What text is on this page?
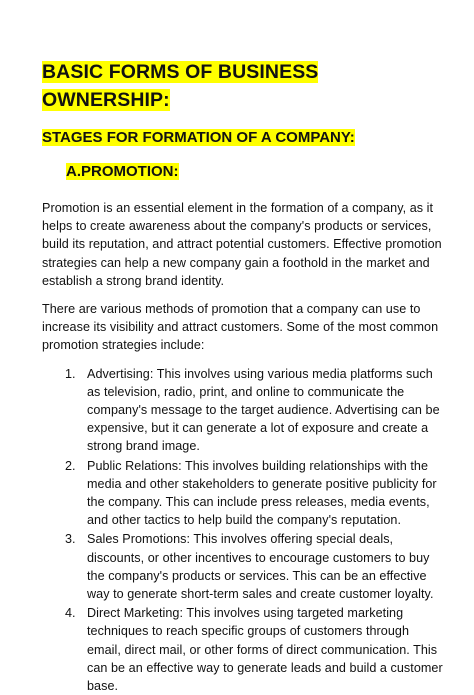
BASIC FORMS OF BUSINESS OWNERSHIP:
STAGES FOR FORMATION OF A COMPANY:
A.PROMOTION:

Promotion is an essential element in the formation of a company, as it helps to create awareness about the company's products or services, build its reputation, and attract potential customers. Effective promotion strategies can help a new company gain a foothold in the market and establish a strong brand identity.

There are various methods of promotion that a company can use to increase its visibility and attract customers. Some of the most common promotion strategies include:

1. Advertising: This involves using various media platforms such as television, radio, print, and online to communicate the company's message to the target audience. Advertising can be expensive, but it can generate a lot of exposure and create a strong brand image.
2. Public Relations: This involves building relationships with the media and other stakeholders to generate positive publicity for the company. This can include press releases, media events, and other tactics to help build the company's reputation.
3. Sales Promotions: This involves offering special deals, discounts, or other incentives to encourage customers to buy the company's products or services. This can be an effective way to generate short-term sales and create customer loyalty.
4. Direct Marketing: This involves using targeted marketing techniques to reach specific groups of customers through email, direct mail, or other forms of direct communication. This can be an effective way to generate leads and build a customer base.
